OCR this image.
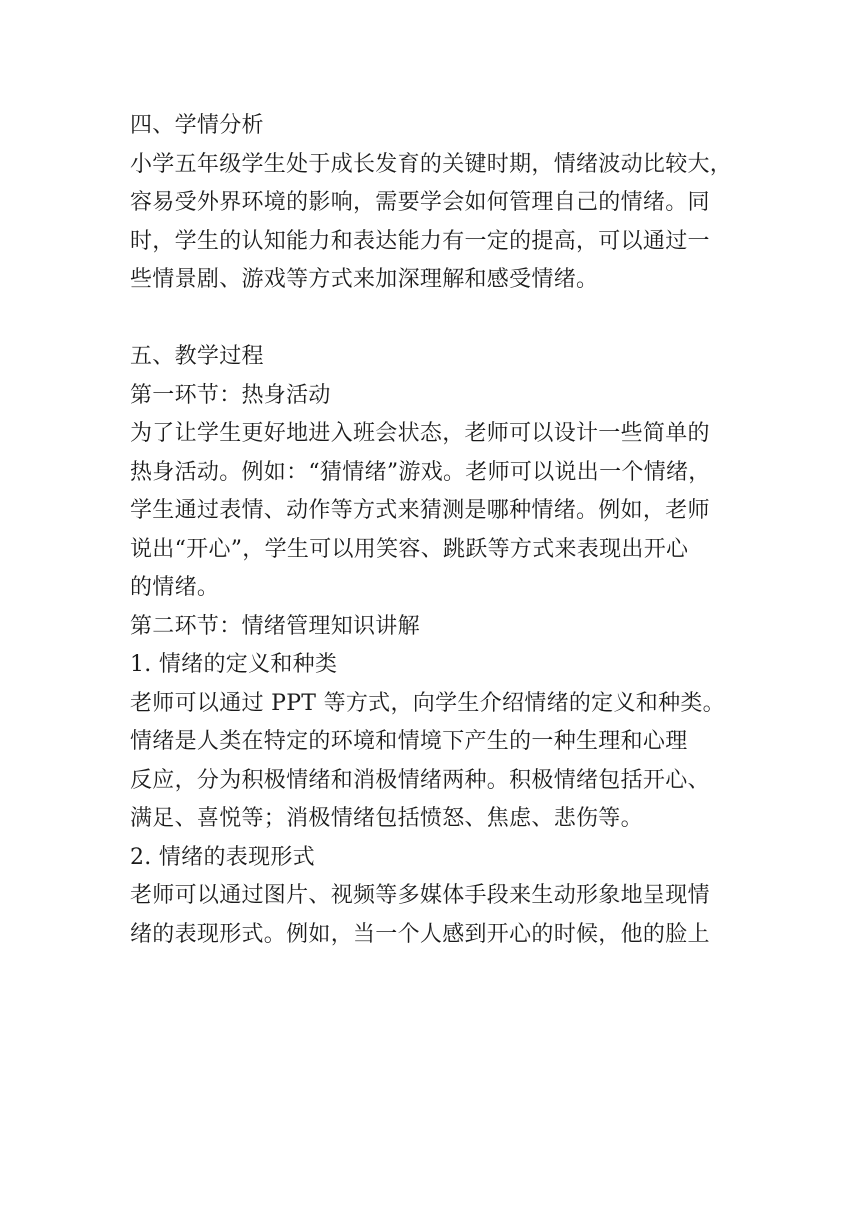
四、学情分析
小学五年级学生处于成长发育的关键时期，情绪波动比较大，
容易受外界环境的影响，需要学会如何管理自己的情绪。同
时，学生的认知能力和表达能力有一定的提高，可以通过一
些情景剧、游戏等方式来加深理解和感受情绪。
五、教学过程
第一环节：热身活动
为了让学生更好地进入班会状态，老师可以设计一些简单的
热身活动。例如：“猜情绪”游戏。老师可以说出一个情绪，
学生通过表情、动作等方式来猜测是哪种情绪。例如，老师
说出“开心”，学生可以用笑容、跳跃等方式来表现出开心
的情绪。
第二环节：情绪管理知识讲解
1. 情绪的定义和种类
老师可以通过 PPT 等方式，向学生介绍情绪的定义和种类。
情绪是人类在特定的环境和情境下产生的一种生理和心理
反应，分为积极情绪和消极情绪两种。积极情绪包括开心、
满足、喜悦等；消极情绪包括愤怒、焦虑、悲伤等。
2. 情绪的表现形式
老师可以通过图片、视频等多媒体手段来生动形象地呈现情
绪的表现形式。例如，当一个人感到开心的时候，他的脸上
